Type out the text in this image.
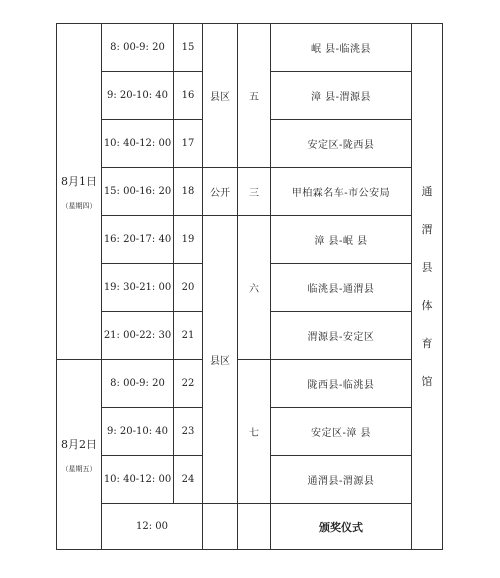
8月1日
（星期四）	8: 00-9: 20	15	县区	五	岷 县-临洮县	通渭县体育馆

	9: 20-10: 40	16			漳 县-渭源县	
	10: 40-12: 00	17			安定区-陇西县	
	15: 00-16: 20	18	公开	三	甲柏霖名车-市公安局	
	16: 20-17: 40	19	县区	六	漳 县-岷 县	
	19: 30-21: 00	20			临洮县-通渭县	
	21: 00-22: 30	21			渭源县-安定区	

8月2日
（星期五）	8: 00-9: 20	22		七	陇西县-临洮县	
	9: 20-10: 40	23			安定区-漳 县	
	10: 40-12: 00	24			通渭县-渭源县	
	12: 00				颁奖仪式	
